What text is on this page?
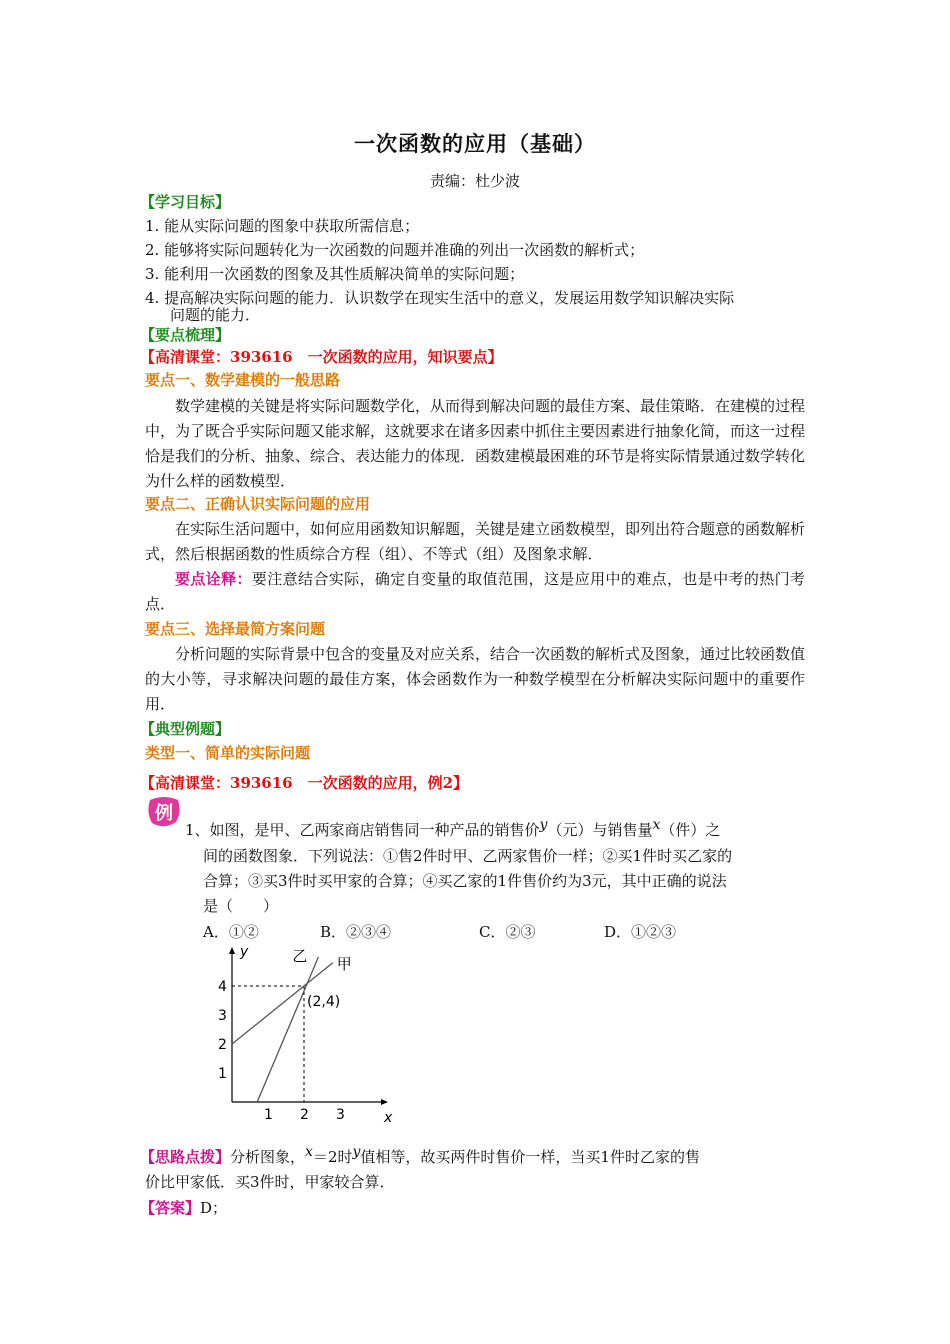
一次函数的应用（基础）
责编：杜少波
【学习目标】
1. 能从实际问题的图象中获取所需信息；
2. 能够将实际问题转化为一次函数的问题并准确的列出一次函数的解析式；
3. 能利用一次函数的图象及其性质解决简单的实际问题；
4. 提高解决实际问题的能力．认识数学在现实生活中的意义，发展运用数学知识解决实际
问题的能力．
【要点梳理】
【高清课堂：393616　一次函数的应用，知识要点】
要点一、数学建模的一般思路
数学建模的关键是将实际问题数学化，从而得到解决问题的最佳方案、最佳策略．在建模的过程中，为了既合乎实际问题又能求解，这就要求在诸多因素中抓住主要因素进行抽象化简，而这一过程恰是我们的分析、抽象、综合、表达能力的体现．函数建模最困难的环节是将实际情景通过数学转化为什么样的函数模型．
要点二、正确认识实际问题的应用
在实际生活问题中，如何应用函数知识解题，关键是建立函数模型，即列出符合题意的函数解析式，然后根据函数的性质综合方程（组）、不等式（组）及图象求解．
要点诠释：要注意结合实际，确定自变量的取值范围，这是应用中的难点，也是中考的热门考点．
要点三、选择最简方案问题
分析问题的实际背景中包含的变量及对应关系，结合一次函数的解析式及图象，通过比较函数值的大小等，寻求解决问题的最佳方案，体会函数作为一种数学模型在分析解决实际问题中的重要作用．
【典型例题】
类型一、简单的实际问题
【高清课堂：393616　一次函数的应用，例2】
例
1、如图，是甲、乙两家商店销售同一种产品的销售价y（元）与销售量x（件）之
间的函数图象．下列说法：①售2件时甲、乙两家售价一样；②买1件时买乙家的
合算；③买3件时买甲家的合算；④买乙家的1件售价约为3元，其中正确的说法
是（　　）
A．①②	B．②③④	C．②③	D．①②③
x
y
1 2 3
1
2
3
4
甲
乙
(2,4)
【思路点拨】分析图象，x＝2时y值相等，故买两件时售价一样，当买1件时乙家的售
价比甲家低．买3件时，甲家较合算．
【答案】D；
